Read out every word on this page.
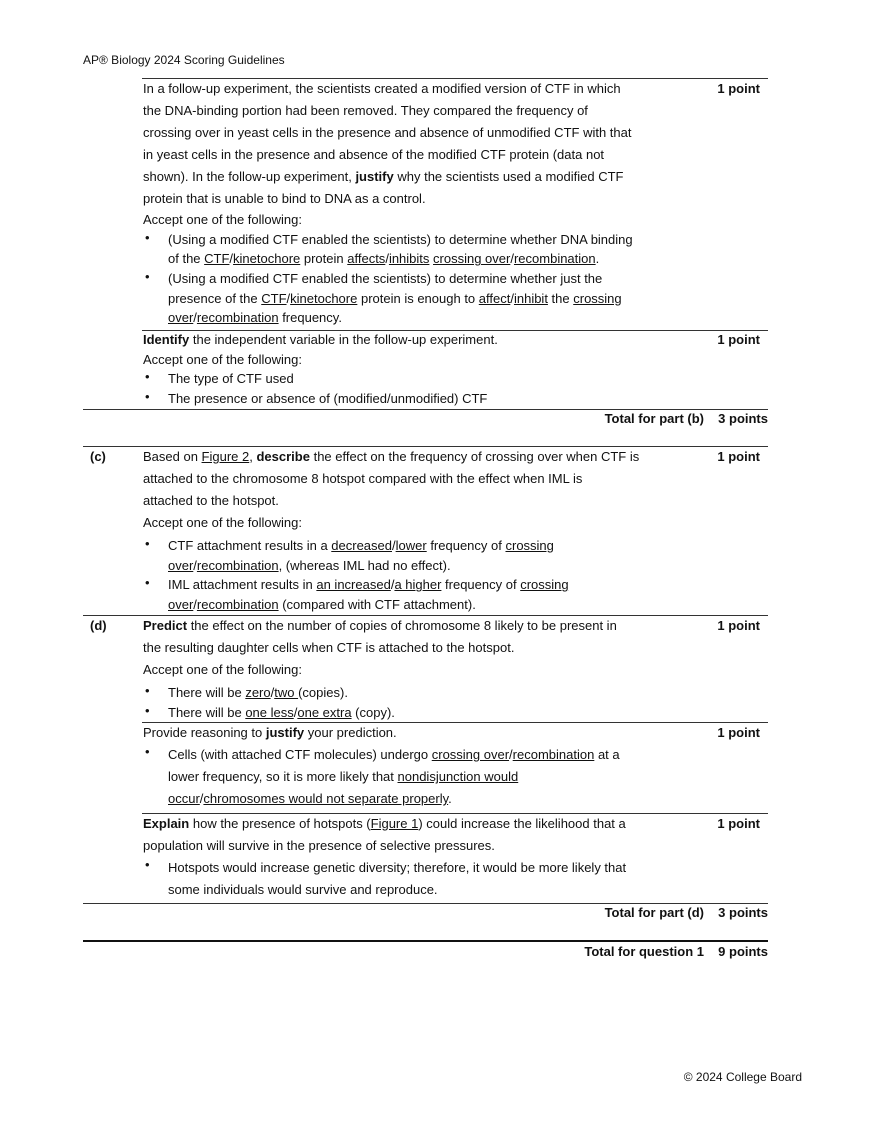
AP® Biology 2024 Scoring Guidelines
1 point
In a follow-up experiment, the scientists created a modified version of CTF in which
the DNA-binding portion had been removed. They compared the frequency of
crossing over in yeast cells in the presence and absence of unmodified CTF with that
in yeast cells in the presence and absence of the modified CTF protein (data not
shown). In the follow-up experiment, justify why the scientists used a modified CTF
protein that is unable to bind to DNA as a control.
Accept one of the following:
• (Using a modified CTF enabled the scientists) to determine whether DNA binding
of the CTF/kinetochore protein affects/inhibits crossing over/recombination.
• (Using a modified CTF enabled the scientists) to determine whether just the
presence of the CTF/kinetochore protein is enough to affect/inhibit the crossing
over/recombination frequency.
1 point
Identify the independent variable in the follow-up experiment.
Accept one of the following:
• The type of CTF used
• The presence or absence of (modified/unmodified) CTF
Total for part (b) 3 points
(c)	1 point
Based on Figure 2, describe the effect on the frequency of crossing over when CTF is
attached to the chromosome 8 hotspot compared with the effect when IML is
attached to the hotspot.
Accept one of the following:
• CTF attachment results in a decreased/lower frequency of crossing
over/recombination, (whereas IML had no effect).
• IML attachment results in an increased/a higher frequency of crossing
over/recombination (compared with CTF attachment).
(d)	1 point
Predict the effect on the number of copies of chromosome 8 likely to be present in
the resulting daughter cells when CTF is attached to the hotspot.
Accept one of the following:
• There will be zero/two (copies).
• There will be one less/one extra (copy).
1 point
Provide reasoning to justify your prediction.
• Cells (with attached CTF molecules) undergo crossing over/recombination at a
lower frequency, so it is more likely that nondisjunction would
occur/chromosomes would not separate properly.
1 point
Explain how the presence of hotspots (Figure 1) could increase the likelihood that a
population will survive in the presence of selective pressures.
• Hotspots would increase genetic diversity; therefore, it would be more likely that
some individuals would survive and reproduce.
Total for part (d) 3 points
Total for question 1 9 points
© 2024 College Board
